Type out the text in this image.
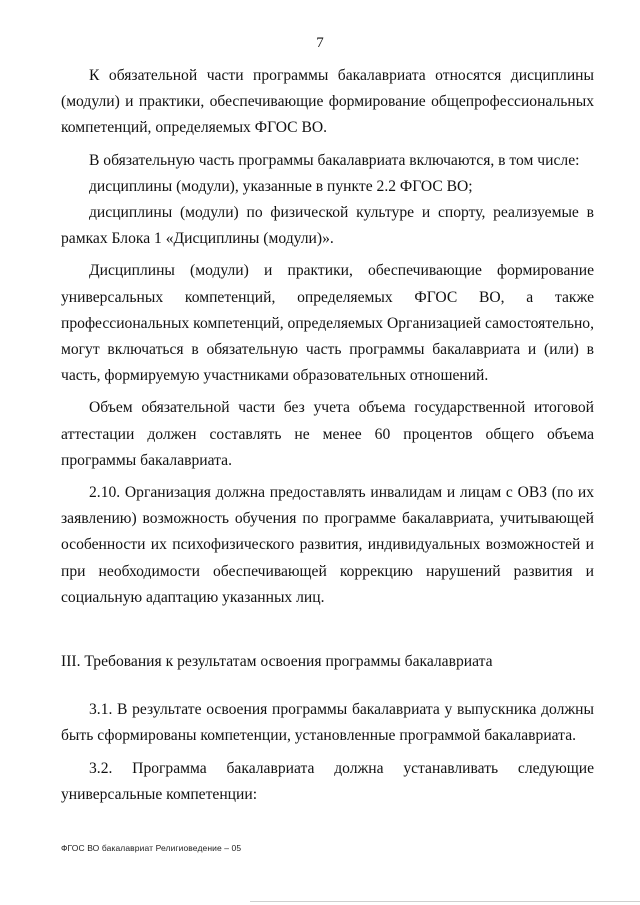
7

К обязательной части программы бакалавриата относятся дисциплины (модули) и практики, обеспечивающие формирование общепрофессиональных компетенций, определяемых ФГОС ВО.

В обязательную часть программы бакалавриата включаются, в том числе:

дисциплины (модули), указанные в пункте 2.2 ФГОС ВО;

дисциплины (модули) по физической культуре и спорту, реализуемые в рамках Блока 1 «Дисциплины (модули)».

Дисциплины (модули) и практики, обеспечивающие формирование универсальных компетенций, определяемых ФГОС ВО, а также профессиональных компетенций, определяемых Организацией самостоятельно, могут включаться в обязательную часть программы бакалавриата и (или) в часть, формируемую участниками образовательных отношений.

Объем обязательной части без учета объема государственной итоговой аттестации должен составлять не менее 60 процентов общего объема программы бакалавриата.

2.10. Организация должна предоставлять инвалидам и лицам с ОВЗ (по их заявлению) возможность обучения по программе бакалавриата, учитывающей особенности их психофизического развития, индивидуальных возможностей и при необходимости обеспечивающей коррекцию нарушений развития и социальную адаптацию указанных лиц.

III. Требования к результатам освоения программы бакалавриата

3.1. В результате освоения программы бакалавриата у выпускника должны быть сформированы компетенции, установленные программой бакалавриата.

3.2. Программа бакалавриата должна устанавливать следующие универсальные компетенции:

ФГОС ВО бакалавриат Религиоведение – 05
